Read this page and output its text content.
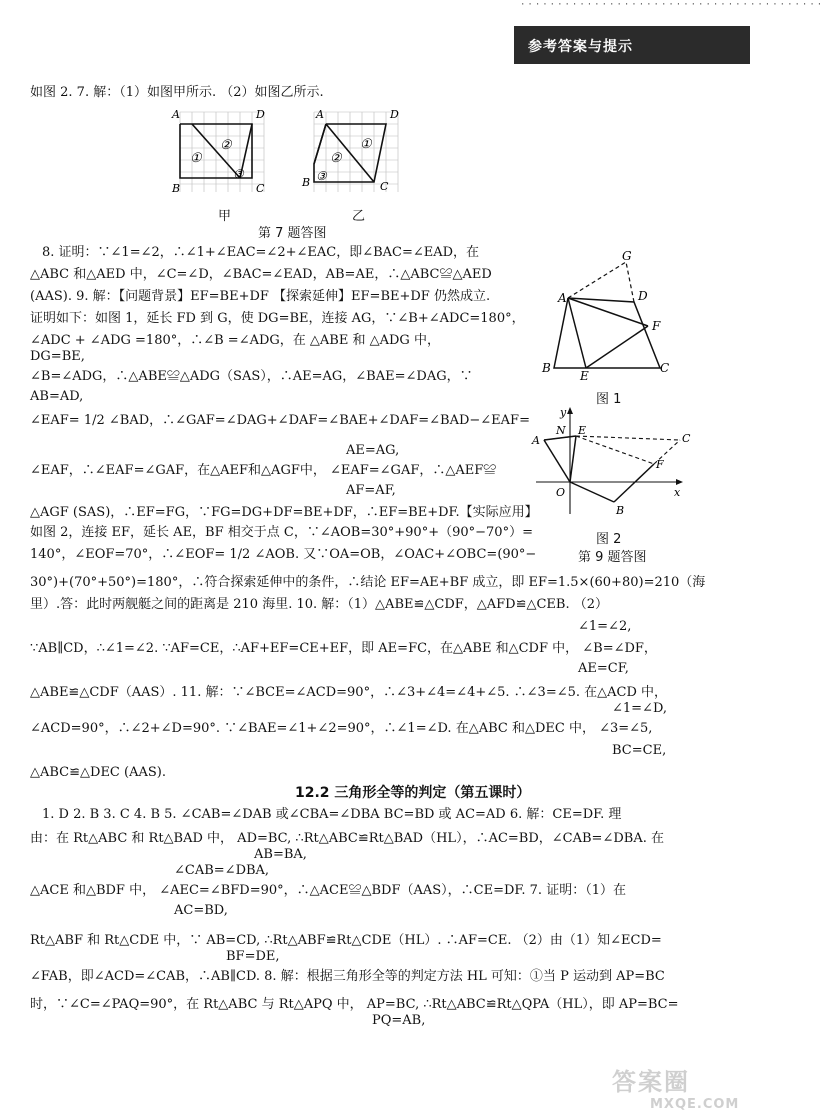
·········································
参考答案与提示
A	D
B	C
①
②
③
A	D
B	C
②
①
③
甲	乙
第 7 题答图
G
A	D
F
B
E
C
图 1
y
x
N E
A	C
F
O
B
图 2
第 9 题答图
如图 2. 7. 解：（1）如图甲所示. （2）如图乙所示.
8. 证明：∵∠1=∠2，∴∠1+∠EAC=∠2+∠EAC，即∠BAC=∠EAD，在
△ABC 和△AED 中，∠C=∠D，∠BAC=∠EAD，AB=AE，∴△ABC≌△AED
(AAS). 9. 解：【问题背景】EF=BE+DF 【探索延伸】EF=BE+DF 仍然成立.
证明如下：如图 1，延长 FD 到 G，使 DG=BE，连接 AG，∵∠B+∠ADC=180°，
∠ADC + ∠ADG =180°，∴∠B =∠ADG，在 △ABE 和 △ADG 中，
DG=BE,
∠B=∠ADG，∴△ABE≌△ADG（SAS），∴AE=AG，∠BAE=∠DAG，∵
AB=AD,
∠EAF= 1/2 ∠BAD，∴∠GAF=∠DAG+∠DAF=∠BAE+∠DAF=∠BAD−∠EAF=
AE=AG,
∠EAF，∴∠EAF=∠GAF，在△AEF和△AGF中， ∠EAF=∠GAF，∴△AEF≌
AF=AF,
△AGF (SAS)，∴EF=FG，∵FG=DG+DF=BE+DF，∴EF=BE+DF.【实际应用】
如图 2，连接 EF，延长 AE，BF 相交于点 C，∵∠AOB=30°+90°+（90°−70°）=
140°，∠EOF=70°，∴∠EOF= 1/2 ∠AOB. 又∵OA=OB，∠OAC+∠OBC=(90°−
30°)+(70°+50°)=180°，∴符合探索延伸中的条件，∴结论 EF=AE+BF 成立，即 EF=1.5×(60+80)=210（海
里）.答：此时两舰艇之间的距离是 210 海里. 10. 解：（1）△ABE≌△CDF，△AFD≌△CEB. （2）
∠1=∠2,
∵AB∥CD，∴∠1=∠2. ∵AF=CE，∴AF+EF=CE+EF，即 AE=FC，在△ABE 和△CDF 中， ∠B=∠DF，
AE=CF,
△ABE≌△CDF（AAS）. 11. 解：∵∠BCE=∠ACD=90°，∴∠3+∠4=∠4+∠5. ∴∠3=∠5. 在△ACD 中，
∠1=∠D,
∠ACD=90°，∴∠2+∠D=90°. ∵∠BAE=∠1+∠2=90°，∴∠1=∠D. 在△ABC 和△DEC 中， ∠3=∠5,
BC=CE,
△ABC≌△DEC (AAS).
12.2 三角形全等的判定（第五课时）
1. D 2. B 3. C 4. B 5. ∠CAB=∠DAB 或∠CBA=∠DBA BC=BD 或 AC=AD 6. 解：CE=DF. 理
由：在 Rt△ABC 和 Rt△BAD 中， AD=BC, ∴Rt△ABC≌Rt△BAD（HL），∴AC=BD，∠CAB=∠DBA. 在
AB=BA,
∠CAB=∠DBA,
△ACE 和△BDF 中， ∠AEC=∠BFD=90°，∴△ACE≌△BDF（AAS），∴CE=DF. 7. 证明：（1）在
AC=BD,
Rt△ABF 和 Rt△CDE 中，∵ AB=CD, ∴Rt△ABF≌Rt△CDE（HL）. ∴AF=CE. （2）由（1）知∠ECD=
BF=DE,
∠FAB，即∠ACD=∠CAB，∴AB∥CD. 8. 解：根据三角形全等的判定方法 HL 可知：①当 P 运动到 AP=BC
时，∵∠C=∠PAQ=90°，在 Rt△ABC 与 Rt△APQ 中， AP=BC, ∴Rt△ABC≌Rt△QPA（HL），即 AP=BC=
PQ=AB,
答案圈
MXQE.COM
